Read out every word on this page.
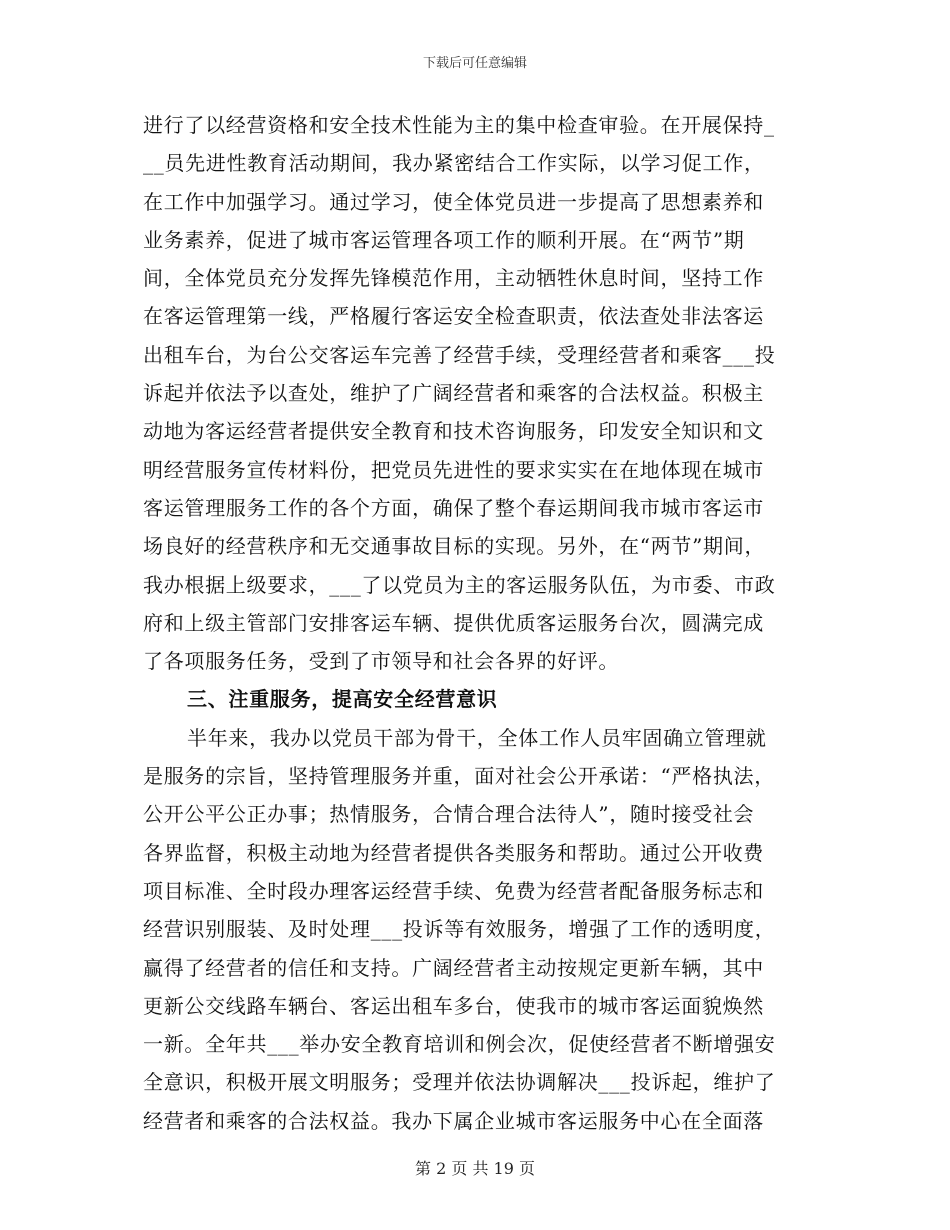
下载后可任意编辑
进行了以经营资格和安全技术性能为主的集中检查审验。在开展保持_
__员先进性教育活动期间，我办紧密结合工作实际，以学习促工作，
在工作中加强学习。通过学习，使全体党员进一步提高了思想素养和
业务素养，促进了城市客运管理各项工作的顺利开展。在“两节”期
间，全体党员充分发挥先锋模范作用，主动牺牲休息时间，坚持工作
在客运管理第一线，严格履行客运安全检查职责，依法查处非法客运
出租车台，为台公交客运车完善了经营手续，受理经营者和乘客___投
诉起并依法予以查处，维护了广阔经营者和乘客的合法权益。积极主
动地为客运经营者提供安全教育和技术咨询服务，印发安全知识和文
明经营服务宣传材料份，把党员先进性的要求实实在在地体现在城市
客运管理服务工作的各个方面，确保了整个春运期间我市城市客运市
场良好的经营秩序和无交通事故目标的实现。另外，在“两节”期间，
我办根据上级要求，___了以党员为主的客运服务队伍，为市委、市政
府和上级主管部门安排客运车辆、提供优质客运服务台次，圆满完成
了各项服务任务，受到了市领导和社会各界的好评。
三、注重服务，提高安全经营意识
半年来，我办以党员干部为骨干，全体工作人员牢固确立管理就
是服务的宗旨，坚持管理服务并重，面对社会公开承诺：“严格执法，
公开公平公正办事；热情服务，合情合理合法待人”，随时接受社会
各界监督，积极主动地为经营者提供各类服务和帮助。通过公开收费
项目标准、全时段办理客运经营手续、免费为经营者配备服务标志和
经营识别服装、及时处理___投诉等有效服务，增强了工作的透明度，
赢得了经营者的信任和支持。广阔经营者主动按规定更新车辆，其中
更新公交线路车辆台、客运出租车多台，使我市的城市客运面貌焕然
一新。全年共___举办安全教育培训和例会次，促使经营者不断增强安
全意识，积极开展文明服务；受理并依法协调解决___投诉起，维护了
经营者和乘客的合法权益。我办下属企业城市客运服务中心在全面落
第 2 页 共 19 页
